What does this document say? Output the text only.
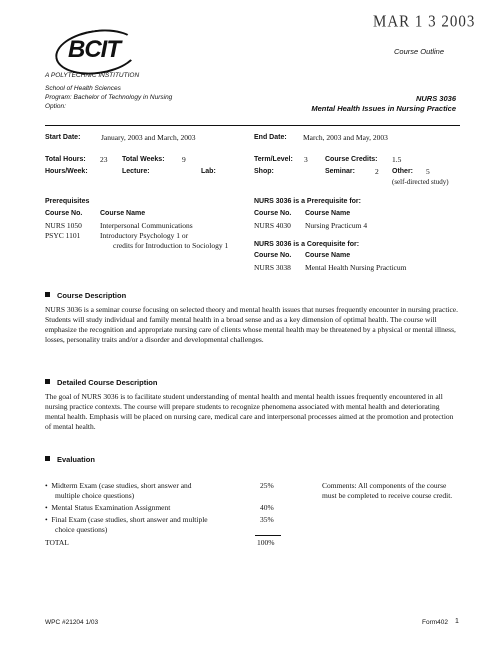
MAR 1 3 2003
BCIT
A POLYTECHNIC INSTITUTION
Course Outline
School of Health Sciences
Program: Bachelor of Technology in Nursing
Option:
NURS 3036
Mental Health Issues in Nursing Practice
Start Date:	January, 2003 and March, 2003	End Date: March, 2003 and May, 2003
Total Hours: 23 Total Weeks: 9	Term/Level: 3 Course Credits: 1.5
Hours/Week:	Lecture:	Lab:	Shop:	Seminar:	2 Other: 5
(self-directed study)
Prerequisites
Course No.	Course Name
NURS 1050 Interpersonal Communications
PSYC 1101	Introductory Psychology 1 or
credits for Introduction to Sociology 1
NURS 3036 is a Prerequisite for:
Course No. Course Name
NURS 4030 Nursing Practicum 4
NURS 3036 is a Corequisite for:
Course No. Course Name
NURS 3038 Mental Health Nursing Practicum
Course Description
NURS 3036 is a seminar course focusing on selected theory and mental health issues that nurses frequently encounter in nursing practice. Students will study individual and family mental health in a broad sense and as a key dimension of optimal health. The course will emphasize the recognition and appropriate nursing care of clients whose mental health may be threatened by a physical or mental illness, losses, personality traits and/or a disorder and developmental challenges.
Detailed Course Description
The goal of NURS 3036 is to facilitate student understanding of mental health and mental health issues frequently encountered in all nursing practice contexts. The course will prepare students to recognize phenomena associated with mental health and deteriorating mental health. Emphasis will be placed on nursing care, medical care and interpersonal processes aimed at the promotion and protection of mental health.
Evaluation
•  Midterm Exam (case studies, short answer and
multiple choice questions)
25%
•  Mental Status Examination Assignment	40%
•  Final Exam (case studies, short answer and multiple
choice questions)
35%
TOTAL	100%
Comments: All components of the course
must be completed to receive course credit.
WPC #21204 1/03	Form402 1
